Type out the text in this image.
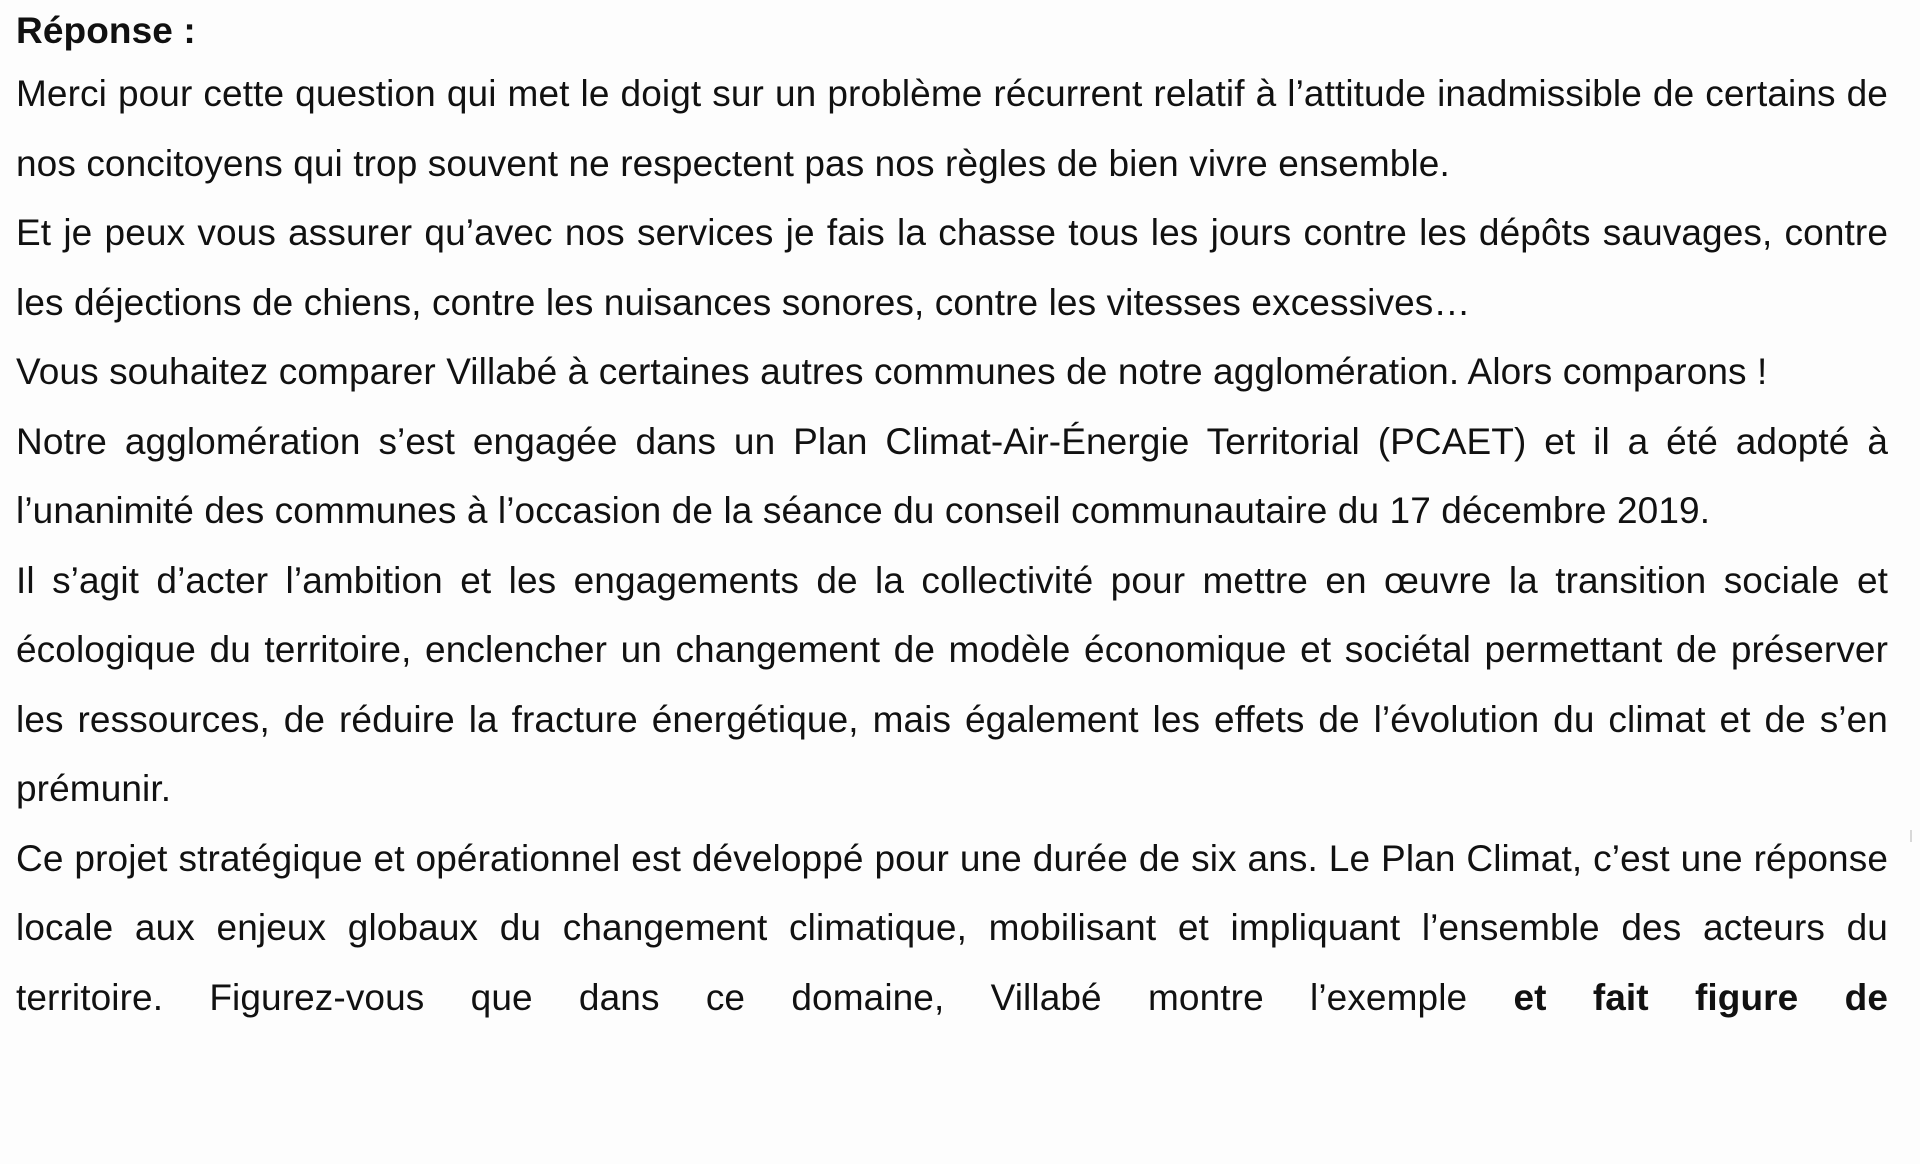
Réponse :

Merci pour cette question qui met le doigt sur un problème récurrent relatif à l’attitude inadmissible de certains de nos concitoyens qui trop souvent ne respectent pas nos règles de bien vivre ensemble.

Et je peux vous assurer qu’avec nos services je fais la chasse tous les jours contre les dépôts sauvages, contre les déjections de chiens, contre les nuisances sonores, contre les vitesses excessives…

Vous souhaitez comparer Villabé à certaines autres communes de notre agglomération. Alors comparons !

Notre agglomération s’est engagée dans un Plan Climat-Air-Énergie Territorial (PCAET) et il a été adopté à l’unanimité des communes à l’occasion de la séance du conseil communautaire du 17 décembre 2019.

Il s’agit d’acter l’ambition et les engagements de la collectivité pour mettre en œuvre la transition sociale et écologique du territoire, enclencher un changement de modèle économique et sociétal permettant de préserver les ressources, de réduire la fracture énergétique, mais également les effets de l’évolution du climat et de s’en prémunir.

Ce projet stratégique et opérationnel est développé pour une durée de six ans. Le Plan Climat, c’est une réponse locale aux enjeux globaux du changement climatique, mobilisant et impliquant l’ensemble des acteurs du territoire. Figurez-vous que dans ce domaine, Villabé montre l’exemple et fait figure de
